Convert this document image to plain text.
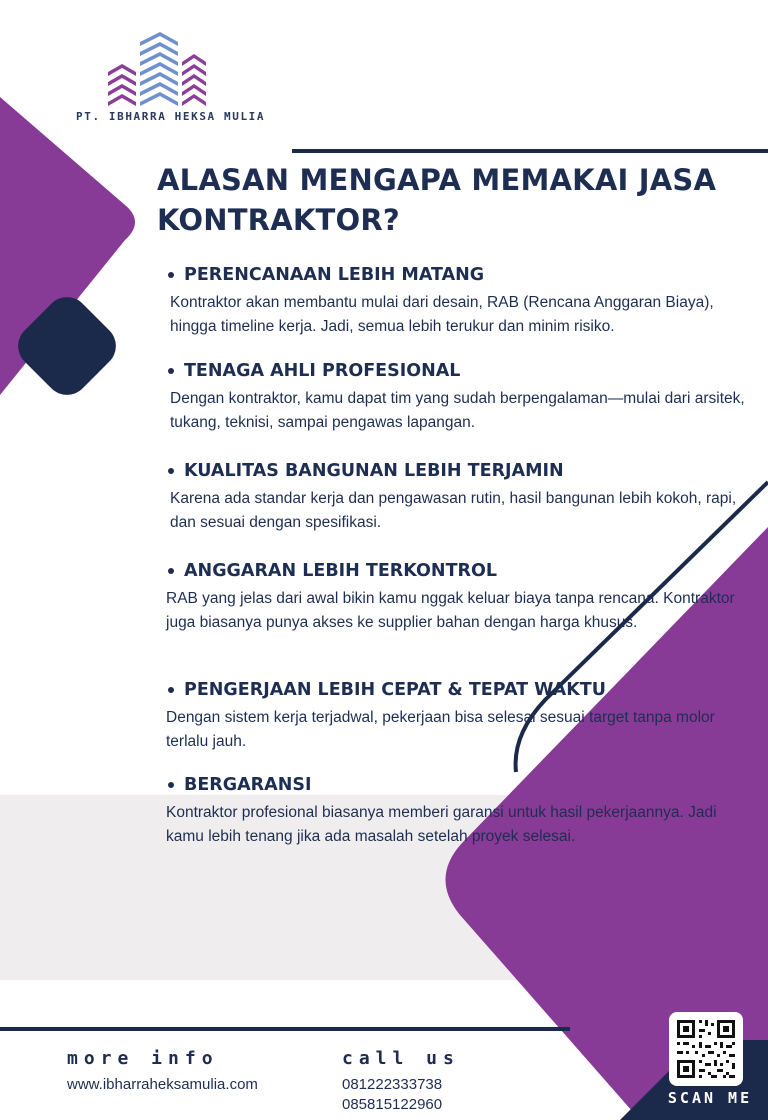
PT. IBHARRA HEKSA MULIA
ALASAN MENGAPA MEMAKAI JASA
KONTRAKTOR?
PERENCANAAN LEBIH MATANG

Kontraktor akan membantu mulai dari desain, RAB (Rencana Anggaran Biaya), hingga timeline kerja. Jadi, semua lebih terukur dan minim risiko.

TENAGA AHLI PROFESIONAL

Dengan kontraktor, kamu dapat tim yang sudah berpengalaman—mulai dari arsitek, tukang, teknisi, sampai pengawas lapangan.

KUALITAS BANGUNAN LEBIH TERJAMIN

Karena ada standar kerja dan pengawasan rutin, hasil bangunan lebih kokoh, rapi, dan sesuai dengan spesifikasi.

ANGGARAN LEBIH TERKONTROL

RAB yang jelas dari awal bikin kamu nggak keluar biaya tanpa rencana. Kontraktor juga biasanya punya akses ke supplier bahan dengan harga khusus.

PENGERJAAN LEBIH CEPAT & TEPAT WAKTU

Dengan sistem kerja terjadwal, pekerjaan bisa selesai sesuai target tanpa molor terlalu jauh.

BERGARANSI

Kontraktor profesional biasanya memberi garansi untuk hasil pekerjaannya. Jadi kamu lebih tenang jika ada masalah setelah proyek selesai.

more info
www.ibharraheksamulia.com
call us
081222333738
085815122960	SCAN ME
